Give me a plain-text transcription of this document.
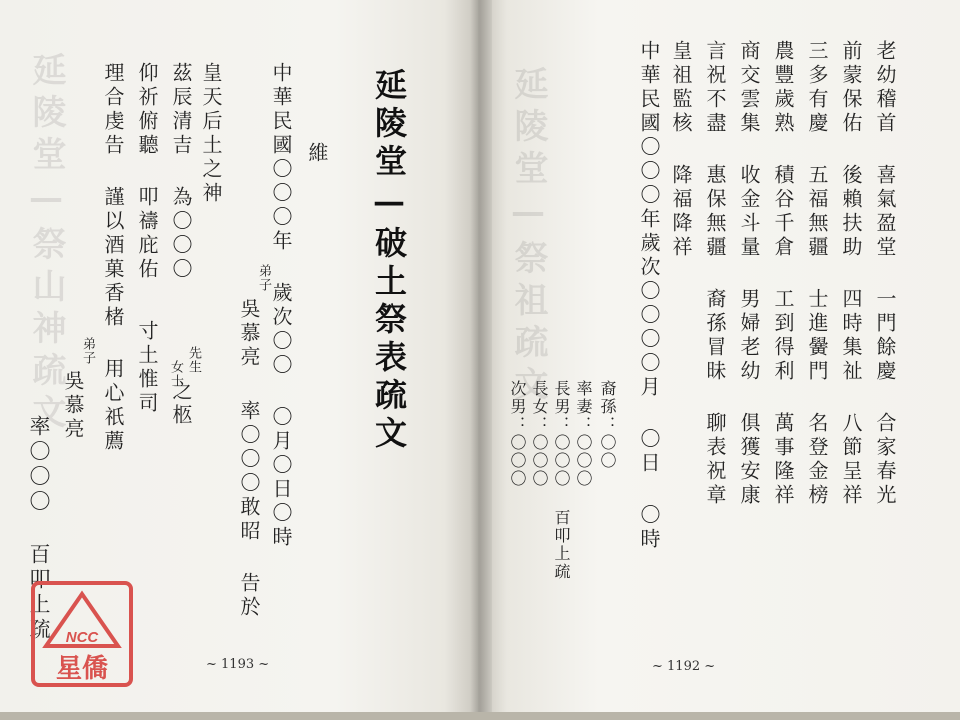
延陵堂—祭山神疏文
率〇〇〇 百叩上疏
弟子
吳慕亮 理合虔告 謹以酒菓香楮 用心祇薦 仰祈俯聽 叩禱庇佑
寸土惟司
茲辰清吉 為〇〇〇
先生
女士
之柩
皇天后土之神
率〇〇〇敢昭 告於
弟子
吳慕亮 中華民國〇〇〇年 歲次〇〇 〇月〇日〇時 維 延陵堂—破土祭表疏文
~ 1193 ~
NCC
星僑
延陵堂—祭祖疏文
次男：〇〇〇 長女：〇〇〇 長男：〇〇〇 百叩上疏 率妻：〇〇〇 裔孫：〇〇 中華民國〇〇〇年歲次〇〇〇〇月 〇日 〇時 皇祖監核 降福降祥 言祝不盡 惠保無疆 裔孫冒昧 聊表祝章 商交雲集 收金斗量 男婦老幼 俱獲安康 農豐歲熟 積谷千倉 工到得利 萬事隆祥 三多有慶 五福無疆 士進黌門 名登金榜 前蒙保佑 後賴扶助 四時集祉 八節呈祥 老幼稽首 喜氣盈堂 一門餘慶 合家春光
~ 1192 ~
